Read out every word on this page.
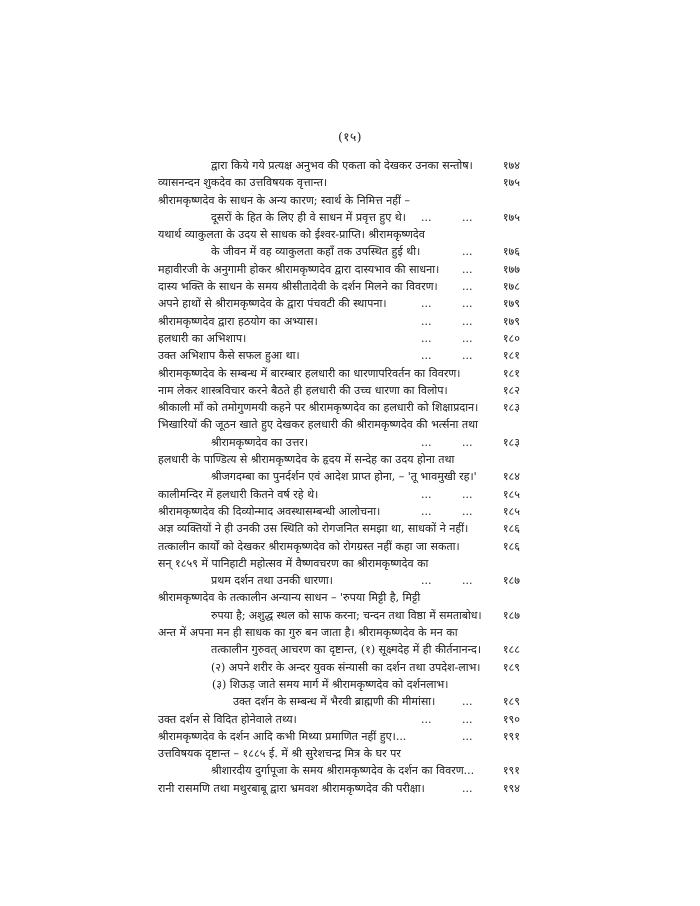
(१५)
द्वारा किये गये प्रत्यक्ष अनुभव की एकता को देखकर उनका सन्तोष।	१७४
व्यासनन्दन शुकदेव का उत्तविषयक वृत्तान्त।	१७५
श्रीरामकृष्णदेव के साधन के अन्य कारण; स्वार्थ के निमित्त नहीं –
दूसरों के हित के लिए ही वे साधन में प्रवृत्त हुए थे। ...	...	१७५
यथार्थ व्याकुलता के उदय से साधक को ईश्वर-प्राप्ति। श्रीरामकृष्णदेव
के जीवन में वह व्याकुलता कहाँ तक उपस्थित हुई थी।	...	१७६
महावीरजी के अनुगामी होकर श्रीरामकृष्णदेव द्वारा दास्यभाव की साधना। ...	१७७
दास्य भक्ति के साधन के समय श्रीसीतादेवी के दर्शन मिलने का विवरण। ...	१७८
अपने हाथों से श्रीरामकृष्णदेव के द्वारा पंचवटी की स्थापना।	...	...	१७९
श्रीरामकृष्णदेव द्वारा हठयोग का अभ्यास।	...	...	१७९
हलधारी का अभिशाप।	...	...	१८०
उक्त अभिशाप कैसे सफल हुआ था।	...	...	१८१
श्रीरामकृष्णदेव के सम्बन्ध में बारम्बार हलधारी का धारणापरिवर्तन का विवरण।	१८१
नाम लेकर शास्त्रविचार करने बैठते ही हलधारी की उच्च धारणा का विलोप।	१८२
श्रीकाली माँ को तमोगुणमयी कहने पर श्रीरामकृष्णदेव का हलधारी को शिक्षाप्रदान।	१८३
भिखारियों की जूठन खाते हुए देखकर हलधारी की श्रीरामकृष्णदेव की भर्त्सना तथा
श्रीरामकृष्णदेव का उत्तर।	...	...	१८३
हलधारी के पाण्डित्य से श्रीरामकृष्णदेव के हृदय में सन्देह का उदय होना तथा
श्रीजगदम्बा का पुनर्दर्शन एवं आदेश प्राप्त होना, – 'तू भावमुखी रह।'	१८४
कालीमन्दिर में हलधारी कितने वर्ष रहे थे।	...	...	१८५
श्रीरामकृष्णदेव की दिव्योन्माद अवस्थासम्बन्धी आलोचना।	...	...	१८५
अज्ञ व्यक्तियों ने ही उनकी उस स्थिति को रोगजनित समझा था, साधकों ने नहीं।	१८६
तत्कालीन कार्यों को देखकर श्रीरामकृष्णदेव को रोगग्रस्त नहीं कहा जा सकता।	१८६
सन् १८५९ में पानिहाटी महोत्सव में वैष्णवचरण का श्रीरामकृष्णदेव का
प्रथम दर्शन तथा उनकी धारणा।	...	...	१८७
श्रीरामकृष्णदेव के तत्कालीन अन्यान्य साधन – 'रुपया मिट्टी है, मिट्टी
रुपया है; अशुद्ध स्थल को साफ करना; चन्दन तथा विष्ठा में समताबोध।	१८७
अन्त में अपना मन ही साधक का गुरु बन जाता है। श्रीरामकृष्णदेव के मन का
तत्कालीन गुरुवत् आचरण का दृष्टान्त, (१) सूक्ष्मदेह में ही कीर्तनानन्द।	१८८
(२) अपने शरीर के अन्दर युवक संन्यासी का दर्शन तथा उपदेश-लाभ।	१८९
(३) शिऊड़ जाते समय मार्ग में श्रीरामकृष्णदेव को दर्शनलाभ।
उक्त दर्शन के सम्बन्ध में भैरवी ब्राह्मणी की मीमांसा। ...	१८९
उक्त दर्शन से विदित होनेवाले तथ्य।	...	...	१९०
श्रीरामकृष्णदेव के दर्शन आदि कभी मिथ्या प्रमाणित नहीं हुए।...	...	१९१
उत्तविषयक दृष्टान्त – १८८५ ई. में श्री सुरेशचन्द्र मित्र के घर पर
श्रीशारदीय दुर्गापूजा के समय श्रीरामकृष्णदेव के दर्शन का विवरण...	१९१
रानी रासमणि तथा मथुरबाबू द्वारा भ्रमवश श्रीरामकृष्णदेव की परीक्षा।	...	१९४
